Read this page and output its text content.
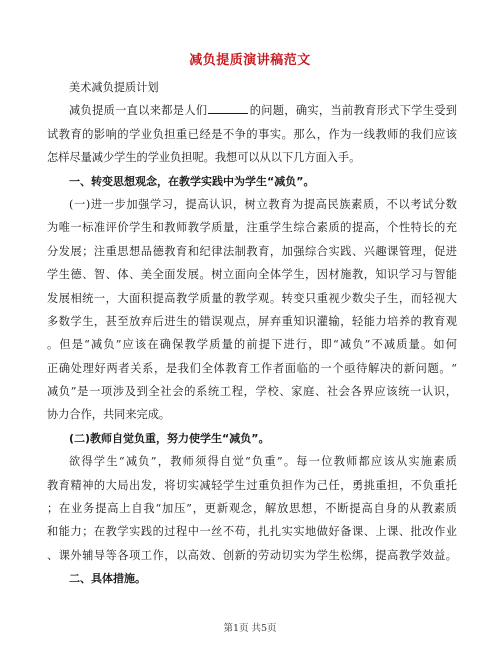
减负提质演讲稿范文
美术减负提质计划
减负提质一直以来都是人们	的问题，确实，当前教育形式下学生受到
试教育的影响的学业负担重已经是不争的事实。那么，作为一线教师的我们应该
怎样尽量减少学生的学业负担呢。我想可以从以下几方面入手。
一、转变思想观念，在教学实践中为学生“减负”。
(一)进一步加强学习，提高认识，树立教育为提高民族素质，不以考试分数
为唯一标准评价学生和教师教学质量，注重学生综合素质的提高，个性特长的充
分发展；注重思想品德教育和纪律法制教育，加强综合实践、兴趣课管理，促进
学生德、智、体、美全面发展。树立面向全体学生，因材施教，知识学习与智能
发展相统一，大面积提高教学质量的教学观。转变只重视少数尖子生，而轻视大
多数学生，甚至放弃后进生的错误观点，屏弃重知识灌输，轻能力培养的教育观
。但是“减负”应该在确保教学质量的前提下进行，即“减负”不减质量。如何
正确处理好两者关系，是我们全体教育工作者面临的一个亟待解决的新问题。“
减负”是一项涉及到全社会的系统工程，学校、家庭、社会各界应该统一认识，
协力合作，共同来完成。
(二)教师自觉负重，努力使学生“减负”。
欲得学生“减负”，教师须得自觉“负重”。每一位教师都应该从实施素质
教育精神的大局出发，将切实减轻学生过重负担作为己任，勇挑重担，不负重托
；在业务提高上自我“加压”，更新观念，解放思想，不断提高自身的从教素质
和能力；在教学实践的过程中一丝不苟，扎扎实实地做好备课、上课、批改作业
、课外辅导等各项工作，以高效、创新的劳动切实为学生松绑，提高教学效益。
二、具体措施。
第1页 共5页
